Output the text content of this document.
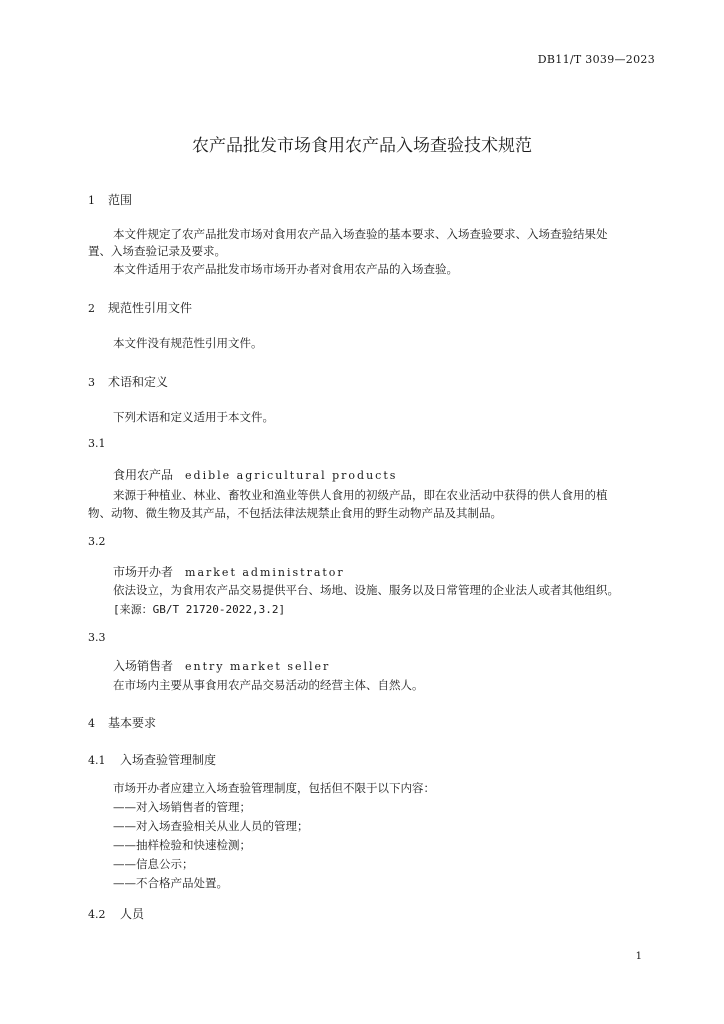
DB11/T 3039—2023
农产品批发市场食用农产品入场查验技术规范
1 范围
本文件规定了农产品批发市场对食用农产品入场查验的基本要求、入场查验要求、入场查验结果处
置、入场查验记录及要求。
本文件适用于农产品批发市场市场开办者对食用农产品的入场查验。
2 规范性引用文件
本文件没有规范性引用文件。
3 术语和定义
下列术语和定义适用于本文件。
3.1
食用农产品 edible agricultural products
来源于种植业、林业、畜牧业和渔业等供人食用的初级产品，即在农业活动中获得的供人食用的植
物、动物、微生物及其产品，不包括法律法规禁止食用的野生动物产品及其制品。
3.2
市场开办者 market administrator
依法设立，为食用农产品交易提供平台、场地、设施、服务以及日常管理的企业法人或者其他组织。
[来源：GB/T 21720-2022,3.2]
3.3
入场销售者 entry market seller
在市场内主要从事食用农产品交易活动的经营主体、自然人。
4 基本要求
4.1 入场查验管理制度
市场开办者应建立入场查验管理制度，包括但不限于以下内容：
——对入场销售者的管理；
——对入场查验相关从业人员的管理；
——抽样检验和快速检测；
——信息公示；
——不合格产品处置。
4.2 人员
1
